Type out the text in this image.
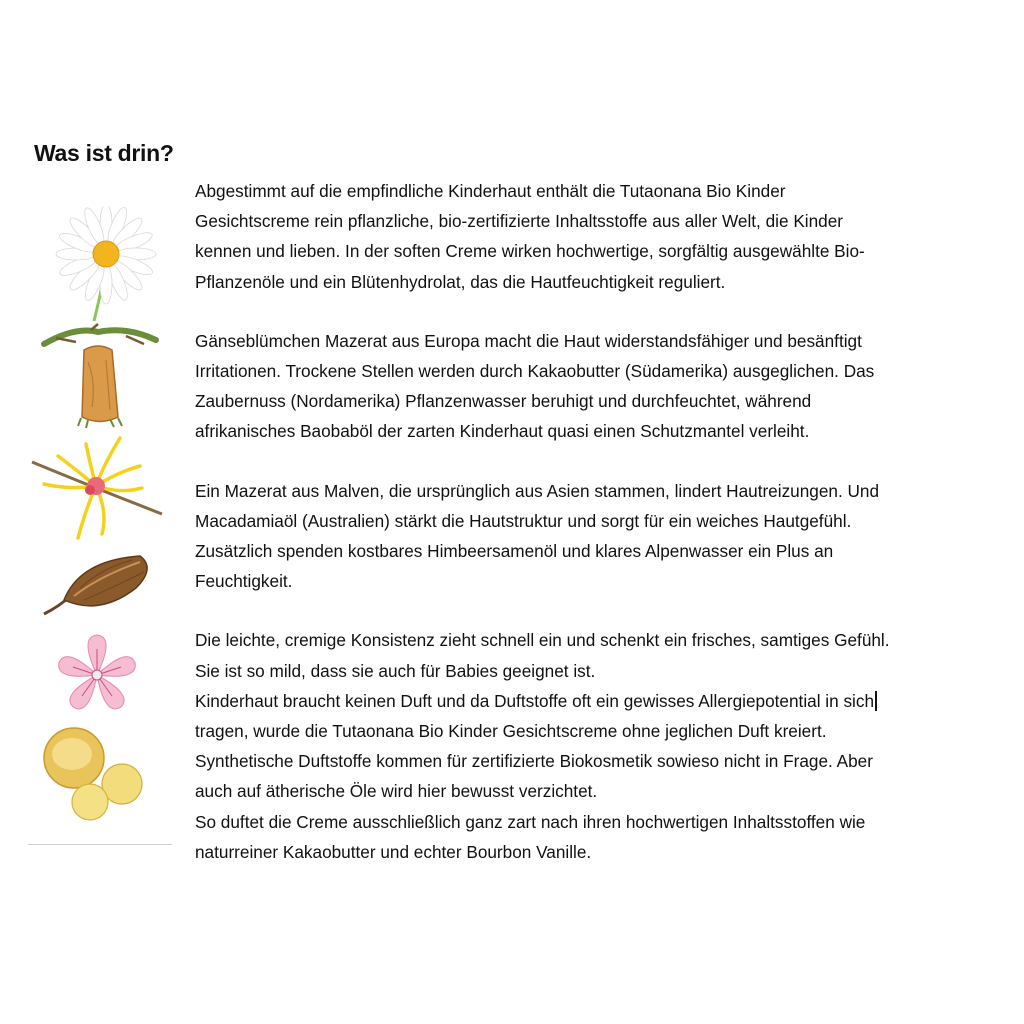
Was ist drin?

Abgestimmt auf die empfindliche Kinderhaut enthält die Tutaonana Bio Kinder
Gesichtscreme rein pflanzliche, bio-zertifizierte Inhaltsstoffe aus aller Welt, die Kinder
kennen und lieben. In der soften Creme wirken hochwertige, sorgfältig ausgewählte Bio-
Pflanzenöle und ein Blütenhydrolat, das die Hautfeuchtigkeit reguliert.

Gänseblümchen Mazerat aus Europa macht die Haut widerstandsfähiger und besänftigt
Irritationen. Trockene Stellen werden durch Kakaobutter (Südamerika) ausgeglichen. Das
Zaubernuss (Nordamerika) Pflanzenwasser beruhigt und durchfeuchtet, während
afrikanisches Baobaböl der zarten Kinderhaut quasi einen Schutzmantel verleiht.

Ein Mazerat aus Malven, die ursprünglich aus Asien stammen, lindert Hautreizungen. Und
Macadamiaöl (Australien) stärkt die Hautstruktur und sorgt für ein weiches Hautgefühl.
Zusätzlich spenden kostbares Himbeersamenöl und klares Alpenwasser ein Plus an
Feuchtigkeit.

Die leichte, cremige Konsistenz zieht schnell ein und schenkt ein frisches, samtiges Gefühl.
Sie ist so mild, dass sie auch für Babies geeignet ist.
Kinderhaut braucht keinen Duft und da Duftstoffe oft ein gewisses Allergiepotential in sich
tragen, wurde die Tutaonana Bio Kinder Gesichtscreme ohne jeglichen Duft kreiert.
Synthetische Duftstoffe kommen für zertifizierte Biokosmetik sowieso nicht in Frage. Aber
auch auf ätherische Öle wird hier bewusst verzichtet.
So duftet die Creme ausschließlich ganz zart nach ihren hochwertigen Inhaltsstoffen wie
naturreiner Kakaobutter und echter Bourbon Vanille.
